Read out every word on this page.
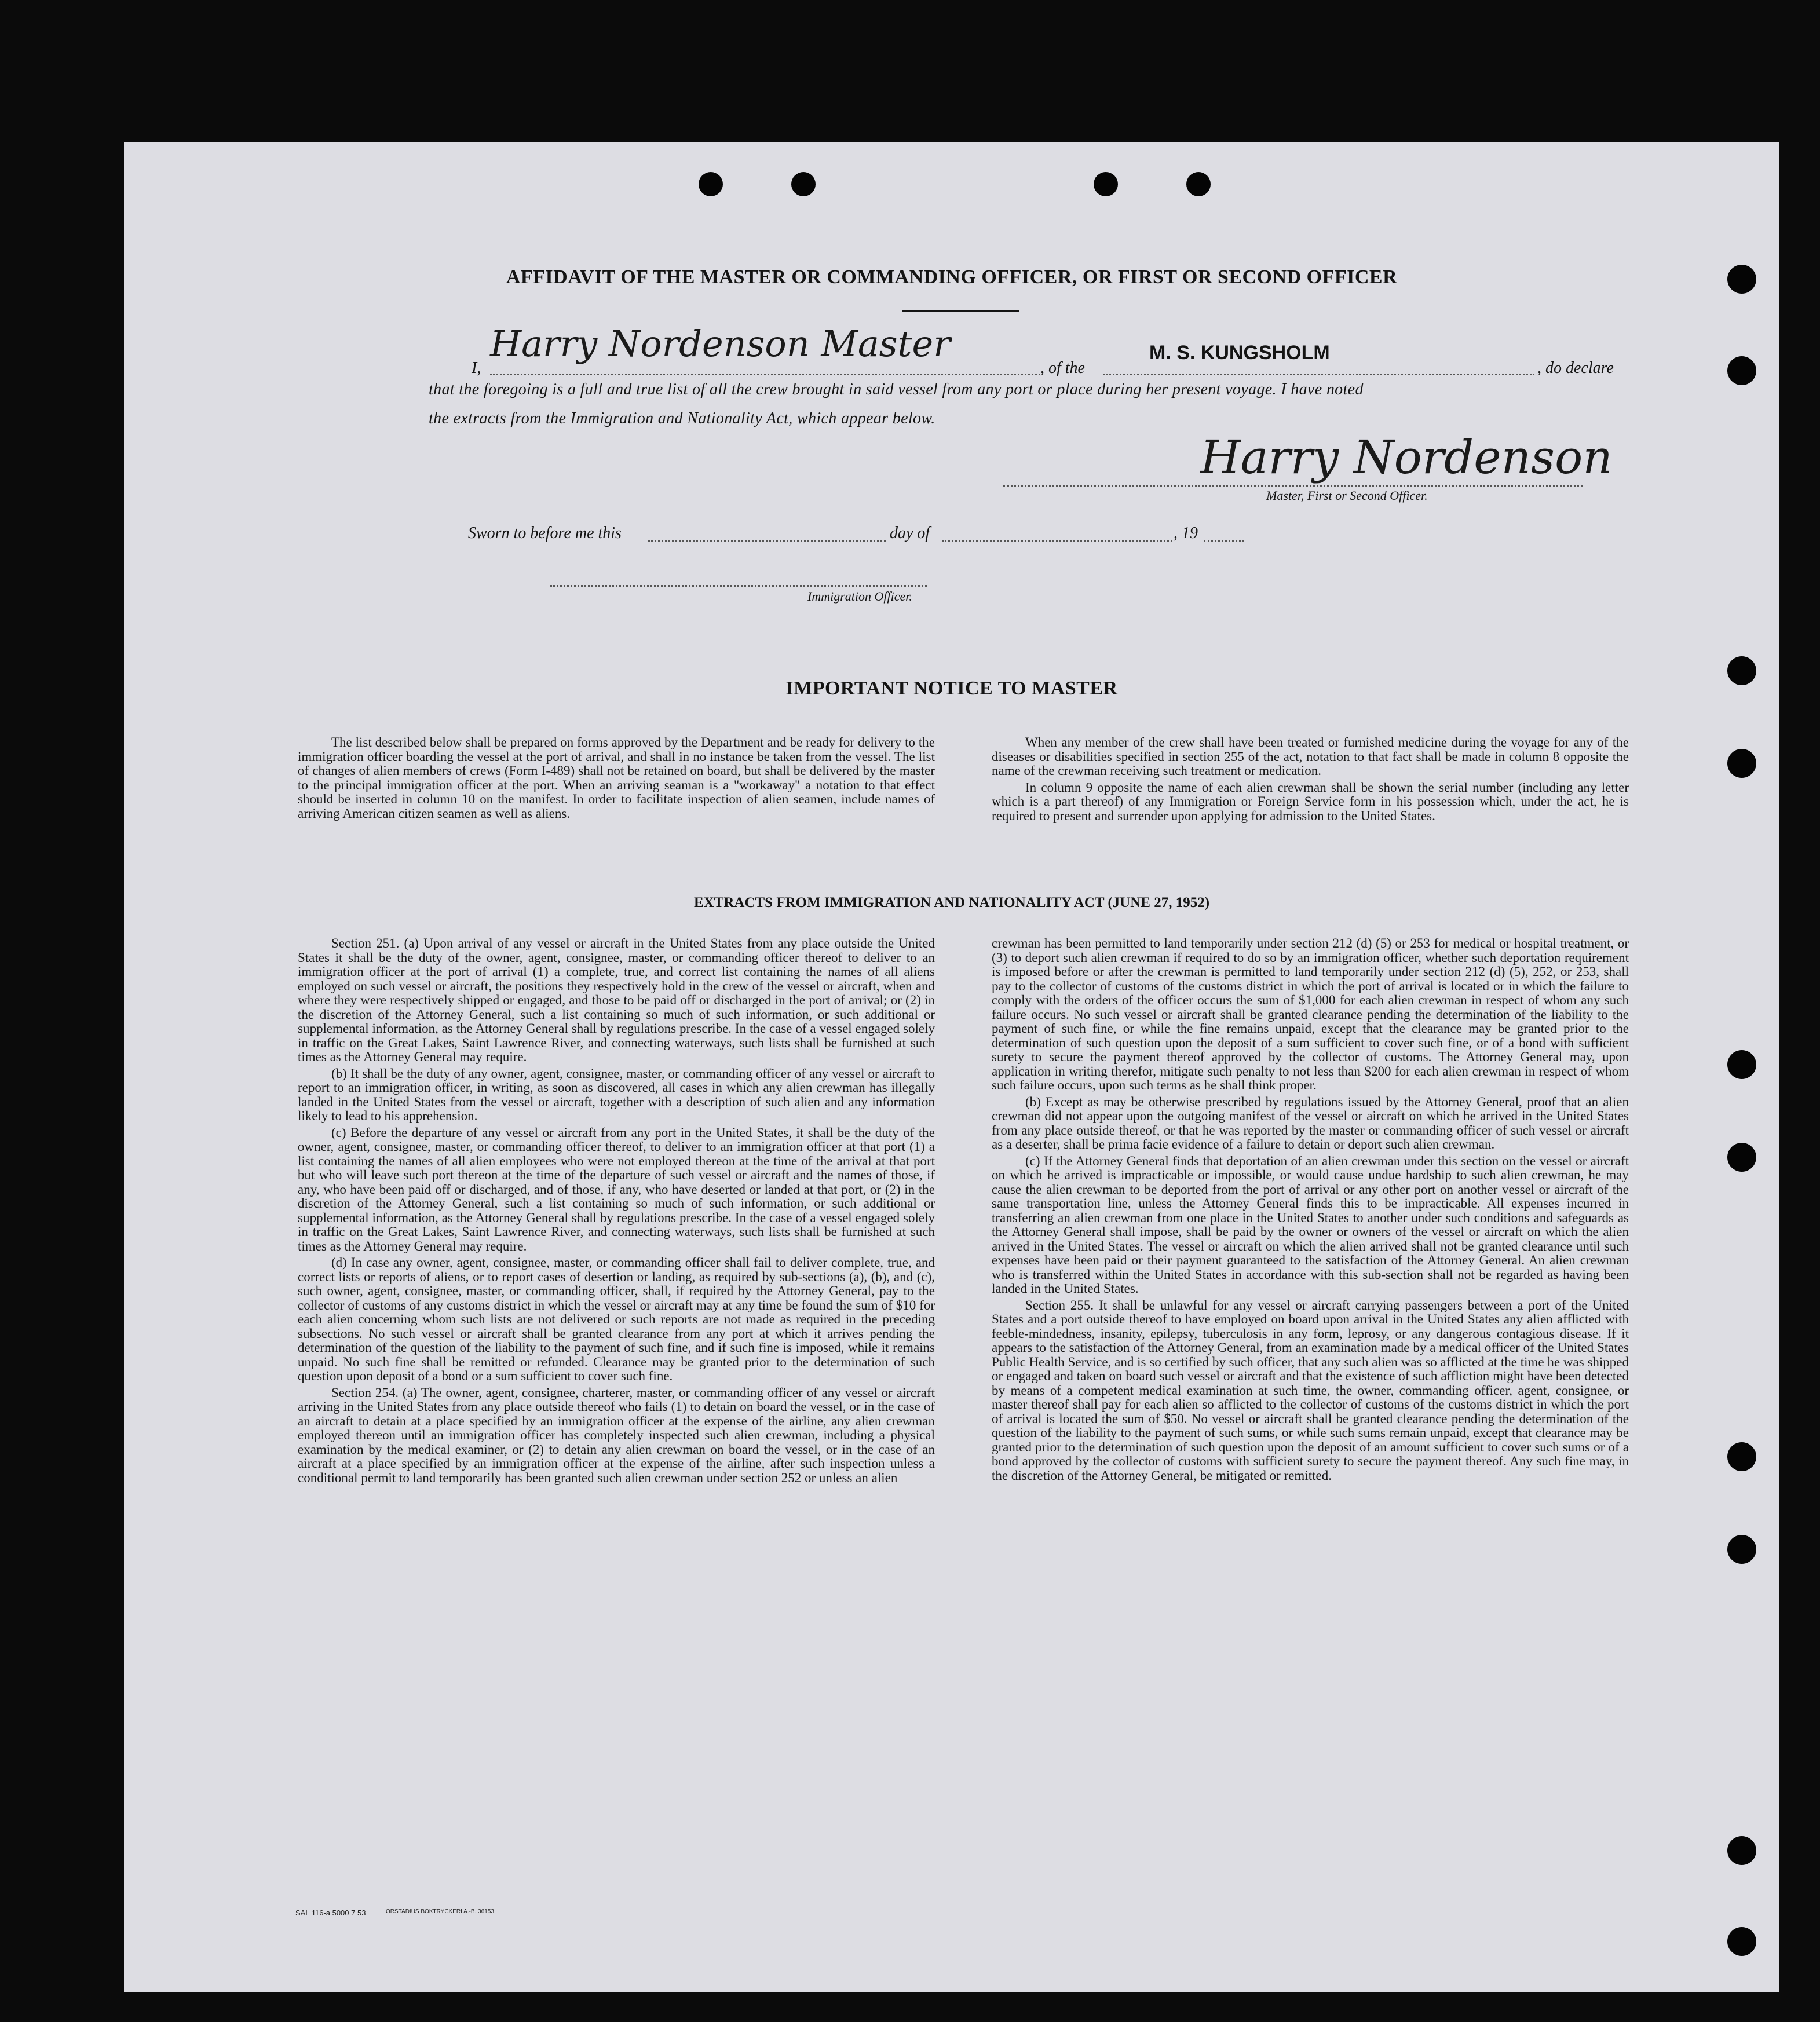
AFFIDAVIT OF THE MASTER OR COMMANDING OFFICER, OR FIRST OR SECOND OFFICER
I,
Harry Nordenson Master
, of the
M. S. KUNGSHOLM
, do declare
that the foregoing is a full and true list of all the crew brought in said vessel from any port or place during her present voyage. I have noted
the extracts from the Immigration and Nationality Act, which appear below.
Harry Nordenson
Master, First or Second Officer.
Sworn to before me this	day of	, 19
Immigration Officer.
IMPORTANT NOTICE TO MASTER

The list described below shall be prepared on forms approved by the Department and be ready for delivery to the immigration officer boarding the vessel at the port of arrival, and shall in no instance be taken from the vessel. The list of changes of alien members of crews (Form I-489) shall not be retained on board, but shall be delivered by the master to the principal immigration officer at the port. When an arriving seaman is a "workaway" a notation to that effect should be inserted in column 10 on the manifest. In order to facilitate inspection of alien seamen, include names of arriving American citizen seamen as well as aliens.

When any member of the crew shall have been treated or furnished medicine during the voyage for any of the diseases or disabilities specified in section 255 of the act, notation to that fact shall be made in column 8 opposite the name of the crewman receiving such treatment or medication.

In column 9 opposite the name of each alien crewman shall be shown the serial number (including any letter which is a part thereof) of any Immigration or Foreign Service form in his possession which, under the act, he is required to present and surrender upon applying for admission to the United States.

EXTRACTS FROM IMMIGRATION AND NATIONALITY ACT (JUNE 27, 1952)

Section 251. (a) Upon arrival of any vessel or aircraft in the United States from any place outside the United States it shall be the duty of the owner, agent, consignee, master, or commanding officer thereof to deliver to an immigration officer at the port of arrival (1) a complete, true, and correct list containing the names of all aliens employed on such vessel or aircraft, the positions they respectively hold in the crew of the vessel or aircraft, when and where they were respectively shipped or engaged, and those to be paid off or discharged in the port of arrival; or (2) in the discretion of the Attorney General, such a list containing so much of such information, or such additional or supplemental information, as the Attorney General shall by regulations prescribe. In the case of a vessel engaged solely in traffic on the Great Lakes, Saint Lawrence River, and connecting waterways, such lists shall be furnished at such times as the Attorney General may require.

(b) It shall be the duty of any owner, agent, consignee, master, or commanding officer of any vessel or aircraft to report to an immigration officer, in writing, as soon as discovered, all cases in which any alien crewman has illegally landed in the United States from the vessel or aircraft, together with a description of such alien and any information likely to lead to his apprehension.

(c) Before the departure of any vessel or aircraft from any port in the United States, it shall be the duty of the owner, agent, consignee, master, or commanding officer thereof, to deliver to an immigration officer at that port (1) a list containing the names of all alien employees who were not employed thereon at the time of the arrival at that port but who will leave such port thereon at the time of the departure of such vessel or aircraft and the names of those, if any, who have been paid off or discharged, and of those, if any, who have deserted or landed at that port, or (2) in the discretion of the Attorney General, such a list containing so much of such information, or such additional or supplemental information, as the Attorney General shall by regulations prescribe. In the case of a vessel engaged solely in traffic on the Great Lakes, Saint Lawrence River, and connecting waterways, such lists shall be furnished at such times as the Attorney General may require.

(d) In case any owner, agent, consignee, master, or commanding officer shall fail to deliver complete, true, and correct lists or reports of aliens, or to report cases of desertion or landing, as required by sub-sections (a), (b), and (c), such owner, agent, consignee, master, or commanding officer, shall, if required by the Attorney General, pay to the collector of customs of any customs district in which the vessel or aircraft may at any time be found the sum of $10 for each alien concerning whom such lists are not delivered or such reports are not made as required in the preceding subsections. No such vessel or aircraft shall be granted clearance from any port at which it arrives pending the determination of the question of the liability to the payment of such fine, and if such fine is imposed, while it remains unpaid. No such fine shall be remitted or refunded. Clearance may be granted prior to the determination of such question upon deposit of a bond or a sum sufficient to cover such fine.

Section 254. (a) The owner, agent, consignee, charterer, master, or commanding officer of any vessel or aircraft arriving in the United States from any place outside thereof who fails (1) to detain on board the vessel, or in the case of an aircraft to detain at a place specified by an immigration officer at the expense of the airline, any alien crewman employed thereon until an immigration officer has completely inspected such alien crewman, including a physical examination by the medical examiner, or (2) to detain any alien crewman on board the vessel, or in the case of an aircraft at a place specified by an immigration officer at the expense of the airline, after such inspection unless a conditional permit to land temporarily has been granted such alien crewman under section 252 or unless an alien

crewman has been permitted to land temporarily under section 212 (d) (5) or 253 for medical or hospital treatment, or (3) to deport such alien crewman if required to do so by an immigration officer, whether such deportation requirement is imposed before or after the crewman is permitted to land temporarily under section 212 (d) (5), 252, or 253, shall pay to the collector of customs of the customs district in which the port of arrival is located or in which the failure to comply with the orders of the officer occurs the sum of $1,000 for each alien crewman in respect of whom any such failure occurs. No such vessel or aircraft shall be granted clearance pending the determination of the liability to the payment of such fine, or while the fine remains unpaid, except that the clearance may be granted prior to the determination of such question upon the deposit of a sum sufficient to cover such fine, or of a bond with sufficient surety to secure the payment thereof approved by the collector of customs. The Attorney General may, upon application in writing therefor, mitigate such penalty to not less than $200 for each alien crewman in respect of whom such failure occurs, upon such terms as he shall think proper.

(b) Except as may be otherwise prescribed by regulations issued by the Attorney General, proof that an alien crewman did not appear upon the outgoing manifest of the vessel or aircraft on which he arrived in the United States from any place outside thereof, or that he was reported by the master or commanding officer of such vessel or aircraft as a deserter, shall be prima facie evidence of a failure to detain or deport such alien crewman.

(c) If the Attorney General finds that deportation of an alien crewman under this section on the vessel or aircraft on which he arrived is impracticable or impossible, or would cause undue hardship to such alien crewman, he may cause the alien crewman to be deported from the port of arrival or any other port on another vessel or aircraft of the same transportation line, unless the Attorney General finds this to be impracticable. All expenses incurred in transferring an alien crewman from one place in the United States to another under such conditions and safeguards as the Attorney General shall impose, shall be paid by the owner or owners of the vessel or aircraft on which the alien arrived in the United States. The vessel or aircraft on which the alien arrived shall not be granted clearance until such expenses have been paid or their payment guaranteed to the satisfaction of the Attorney General. An alien crewman who is transferred within the United States in accordance with this sub-section shall not be regarded as having been landed in the United States.

Section 255. It shall be unlawful for any vessel or aircraft carrying passengers between a port of the United States and a port outside thereof to have employed on board upon arrival in the United States any alien afflicted with feeble-mindedness, insanity, epilepsy, tuberculosis in any form, leprosy, or any dangerous contagious disease. If it appears to the satisfaction of the Attorney General, from an examination made by a medical officer of the United States Public Health Service, and is so certified by such officer, that any such alien was so afflicted at the time he was shipped or engaged and taken on board such vessel or aircraft and that the existence of such affliction might have been detected by means of a competent medical examination at such time, the owner, commanding officer, agent, consignee, or master thereof shall pay for each alien so afflicted to the collector of customs of the customs district in which the port of arrival is located the sum of $50. No vessel or aircraft shall be granted clearance pending the determination of the question of the liability to the payment of such sums, or while such sums remain unpaid, except that clearance may be granted prior to the determination of such question upon the deposit of an amount sufficient to cover such sums or of a bond approved by the collector of customs with sufficient surety to secure the payment thereof. Any such fine may, in the discretion of the Attorney General, be mitigated or remitted.

SAL 116-a 5000 7 53	ORSTADIUS BOKTRYCKERI A.-B. 36153
